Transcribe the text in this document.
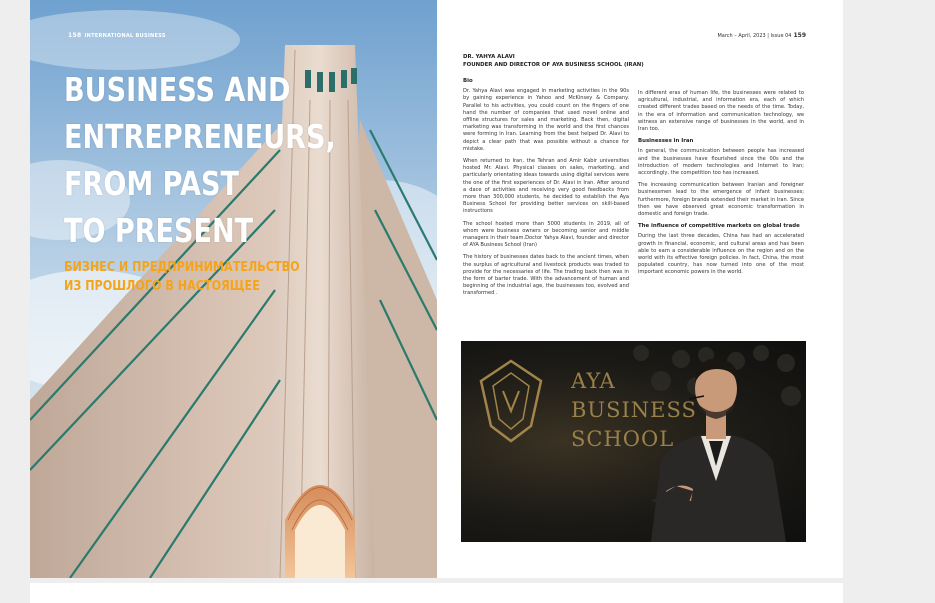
158 INTERNATIONAL BUSINESS
BUSINESS AND
ENTREPRENEURS,
FROM PAST
TO PRESENT
БИЗНЕС И ПРЕДПРИНИМАТЕЛЬСТВО
ИЗ ПРОШЛОГО В НАСТОЯЩЕЕ
March – April, 2023 | Issue 04 159
DR. YAHYA ALAVI
FOUNDER AND DIRECTOR OF AYA BUSINESS SCHOOL (IRAN)
Bio

Dr. Yahya Alavi was engaged in marketing activities in the 90s by gaining experience in Yahoo and McKinsey & Company. Parallel to his activities, you could count on the fingers of one hand the number of companies that used novel online and offline structures for sales and marketing. Back then, digital marketing was transforming in the world and the first chances were forming in Iran. Learning from the best helped Dr. Alavi to depict a clear path that was possible without a chance for mistake.

When returned to Iran, the Tehran and Amir Kabir universities hosted Mr. Alavi. Physical classes on sales, marketing, and particularly orientating ideas towards using digital services were the one of the first experiences of Dr. Alavi in Iran. After around a dace of activities and receiving very good feedbacks from more than 300,000 students, he decided to establish the Aya Business School for providing better services on skill-based instructions

The school hosted more than 5000 students in 2019, all of whom were business owners or becoming senior and middle managers in their team.Doctor Yahya Alavi, founder and director of AYA Business School (Iran)

The history of businesses dates back to the ancient times, when the surplus of agricultural and livestock products was traded to provide for the necessaries of life. The trading back then was in the form of barter trade. With the advancement of human and beginning of the industrial age, the businesses too, evolved and transformed .

In different eras of human life, the businesses were related to agricultural, industrial, and information era, each of which created different trades based on the needs of the time. Today, in the era of information and communication technology, we witness an extensive range of businesses in the world, and in Iran too.

Businesses in Iran

In general, the communication between people has increased and the businesses have flourished since the 00s and the introduction of modern technologies and Internet to Iran; accordingly, the competition too has increased.

The increasing communication between Iranian and foreigner businessmen lead to the emergence of infant businesses; furthermore, foreign brands extended their market in Iran. Since then we have observed great economic transformation in domestic and foreign trade.

The influence of competitive markets on global trade

During the last three decades, China has had an accelerated growth in financial, economic, and cultural areas and has been able to earn a considerable influence on the region and on the world with its effective foreign policies. In fact, China, the most populated country, has now turned into one of the most important economic powers in the world.

AYA
BUSINESS
SCHOOL
